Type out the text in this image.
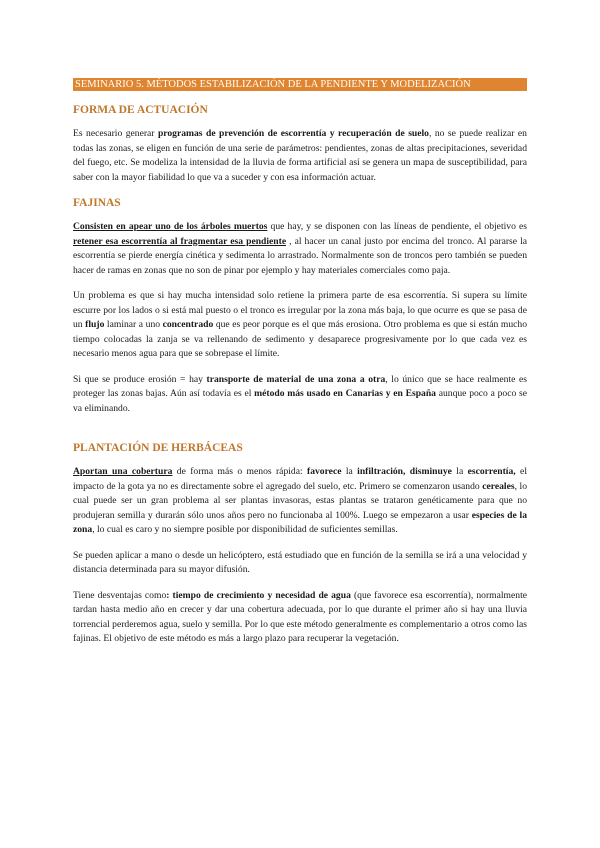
SEMINARIO 5. MÉTODOS ESTABILIZACIÓN DE LA PENDIENTE Y MODELIZACIÓN
FORMA DE ACTUACIÓN

Es necesario generar programas de prevención de escorrentía y recuperación de suelo, no se puede realizar en todas las zonas, se eligen en función de una serie de parámetros: pendientes, zonas de altas precipitaciones, severidad del fuego, etc. Se modeliza la intensidad de la lluvia de forma artificial así se genera un mapa de susceptibilidad, para saber con la mayor fiabilidad lo que va a suceder y con esa información actuar.

FAJINAS

Consisten en apear uno de los árboles muertos que hay, y se disponen con las líneas de pendiente, el objetivo es retener esa escorrentía al fragmentar esa pendiente , al hacer un canal justo por encima del tronco. Al pararse la escorrentía se pierde energía cinética y sedimenta lo arrastrado. Normalmente son de troncos pero también se pueden hacer de ramas en zonas que no son de pinar por ejemplo y hay materiales comerciales como paja.

Un problema es que si hay mucha intensidad solo retiene la primera parte de esa escorrentía. Si supera su límite escurre por los lados o si está mal puesto o el tronco es irregular por la zona más baja, lo que ocurre es que se pasa de un flujo laminar a uno concentrado que es peor porque es el que más erosiona. Otro problema es que si están mucho tiempo colocadas la zanja se va rellenando de sedimento y desaparece progresivamente por lo que cada vez es necesario menos agua para que se sobrepase el límite.

Si que se produce erosión = hay transporte de material de una zona a otra, lo único que se hace realmente es proteger las zonas bajas. Aún así todavía es el método más usado en Canarias y en España aunque poco a poco se va eliminando.

PLANTACIÓN DE HERBÁCEAS

Aportan una cobertura de forma más o menos rápida: favorece la infiltración, disminuye la escorrentía, el impacto de la gota ya no es directamente sobre el agregado del suelo, etc. Primero se comenzaron usando cereales, lo cual puede ser un gran problema al ser plantas invasoras, estas plantas se trataron genéticamente para que no produjeran semilla y durarán sólo unos años pero no funcionaba al 100%. Luego se empezaron a usar especies de la zona, lo cual es caro y no siempre posible por disponibilidad de suficientes semillas.

Se pueden aplicar a mano o desde un helicóptero, está estudiado que en función de la semilla se irá a una velocidad y distancia determinada para su mayor difusión.

Tiene desventajas como: tiempo de crecimiento y necesidad de agua (que favorece esa escorrentía), normalmente tardan hasta medio año en crecer y dar una cobertura adecuada, por lo que durante el primer año si hay una lluvia torrencial perderemos agua, suelo y semilla. Por lo que este método generalmente es complementario a otros como las fajinas. El objetivo de este método es más a largo plazo para recuperar la vegetación.
